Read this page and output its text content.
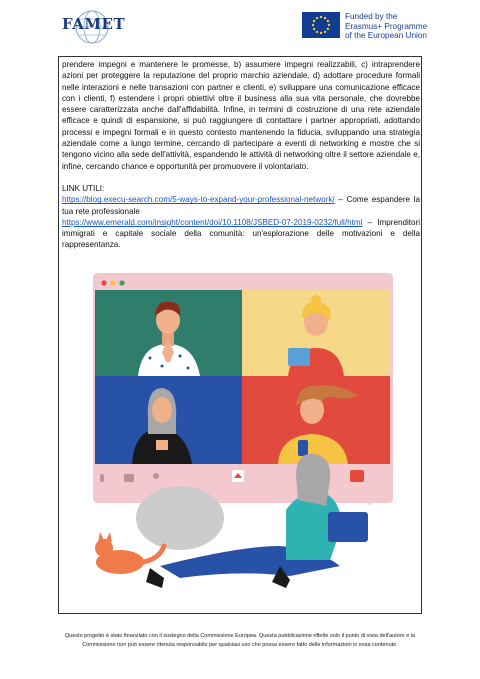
FAMET	Funded by the
Erasmus+ Programme
of the European Union

prendere impegni e mantenere le promesse, b) assumere impegni realizzabili, c) intraprendere azioni per proteggere la reputazione del proprio marchio aziendale, d) adottare procedure formali nelle interazioni e nelle transazioni con partner e clienti, e) sviluppare una comunicazione efficace con i clienti, f) estendere i propri obiettivi oltre il business alla sua vita personale, che dovrebbe essere caratterizzata anche dall'affidabilità. Infine, in termini di costruzione di una rete aziendale efficace e quindi di espansione, si può raggiungere di contattare i partner appropriati, adottando processi e impegni formali e in questo contesto mantenendo la fiducia, sviluppando una strategia aziendale come a lungo termine, cercando di partecipare a eventi di networking e mostre che si tengono vicino alla sede dell'attività, espandendo le attività di networking oltre il settore aziendale e, infine, cercando chance e opportunità per promuovere il volontariato.

LINK UTILI:

https://blog.execu-search.com/5-ways-to-expand-your-professional-network/ – Come espandere la tua rete professionale

https://www.emerald.com/insight/content/doi/10.1108/JSBED-07-2019-0232/full/html – Imprenditori immigrati e capitale sociale della comunità: un'esplorazione delle motivazioni e della rappresentanza.

Questo progetto è stato finanziato con il sostegno della Commissione Europea. Questa pubblicazione riflette solo il punto di vista dell'autore e la
Commissione non può essere ritenuta responsabile per qualsiasi uso che possa essere fatto delle informazioni in essa contenute.
